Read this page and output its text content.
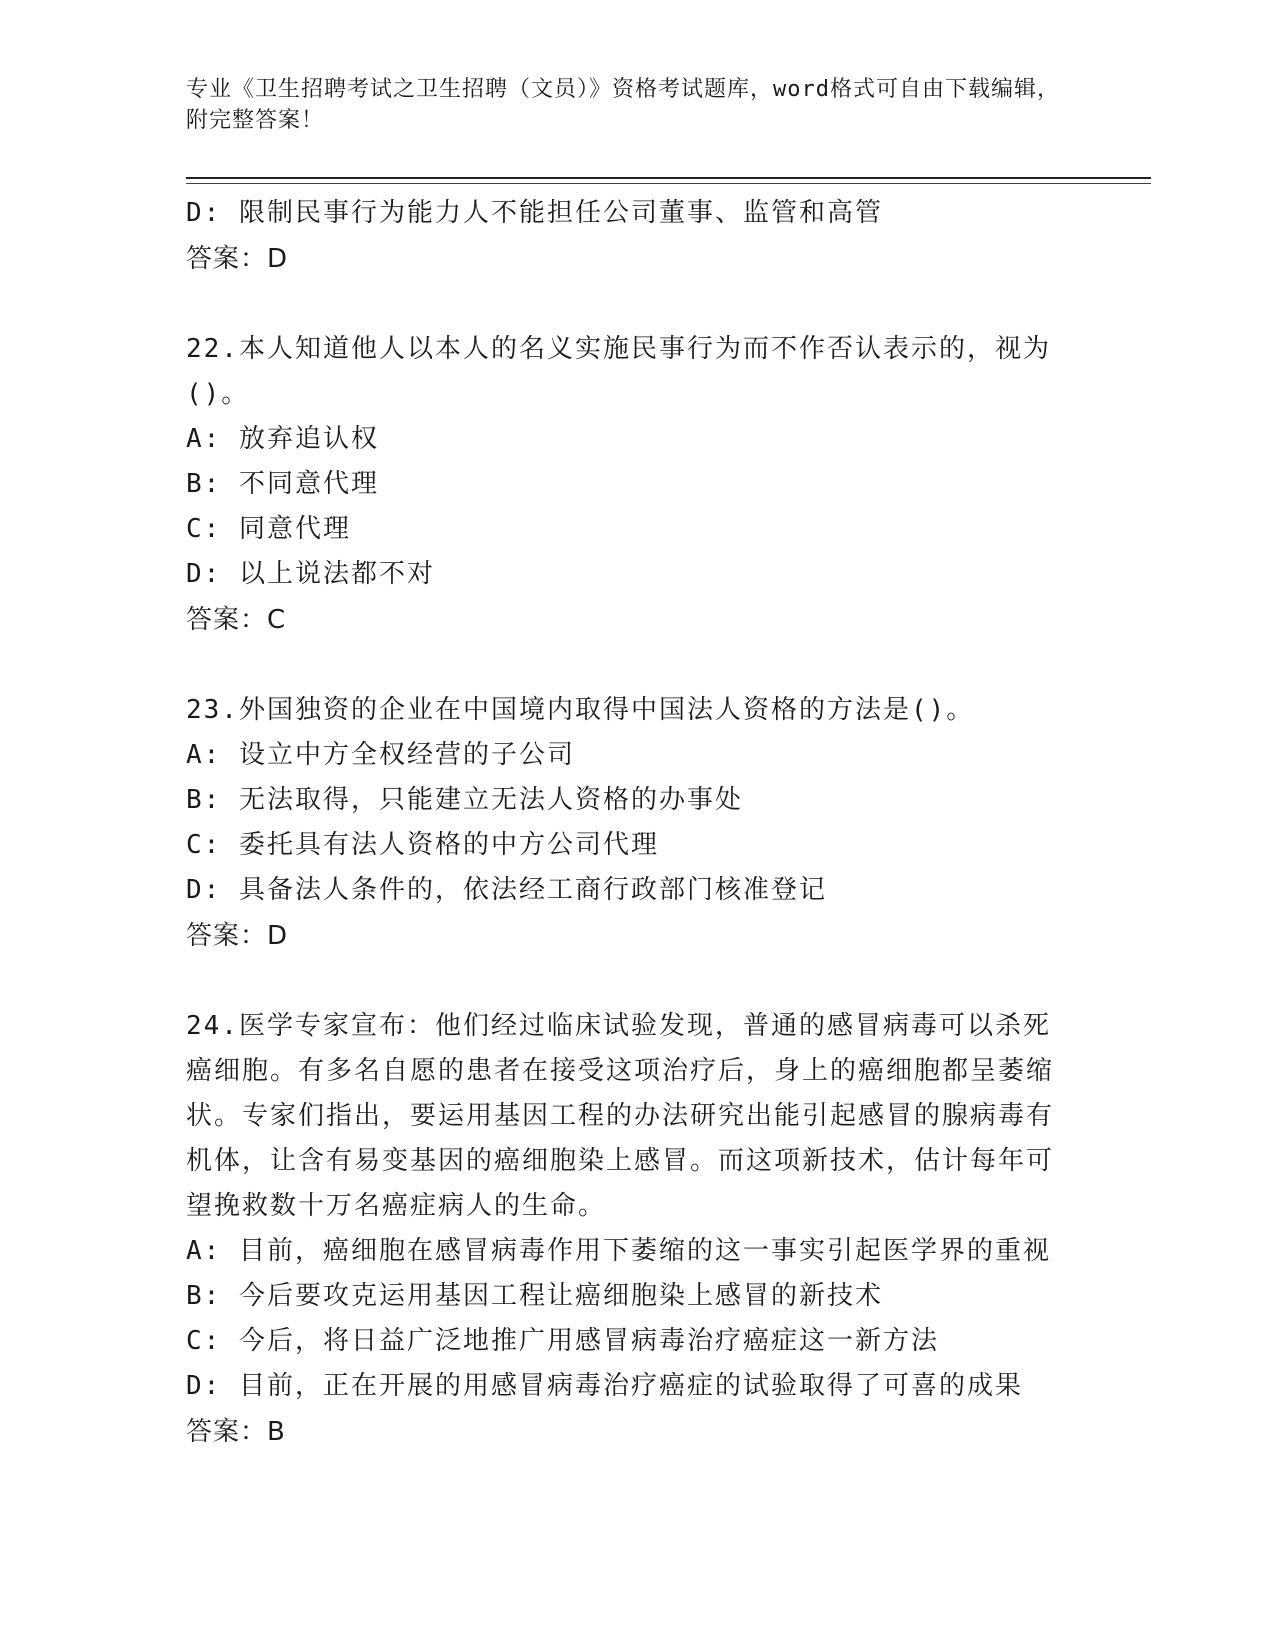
专业《卫生招聘考试之卫生招聘（文员）》资格考试题库，word格式可自由下载编辑，附完整答案！
D: 限制民事行为能力人不能担任公司董事、监管和高管
答案：D
22.本人知道他人以本人的名义实施民事行为而不作否认表示的，视为()。
A: 放弃追认权
B: 不同意代理
C: 同意代理
D: 以上说法都不对
答案：C
23.外国独资的企业在中国境内取得中国法人资格的方法是()。
A: 设立中方全权经营的子公司
B: 无法取得，只能建立无法人资格的办事处
C: 委托具有法人资格的中方公司代理
D: 具备法人条件的，依法经工商行政部门核准登记
答案：D
24.医学专家宣布：他们经过临床试验发现，普通的感冒病毒可以杀死癌细胞。有多名自愿的患者在接受这项治疗后，身上的癌细胞都呈萎缩状。专家们指出，要运用基因工程的办法研究出能引起感冒的腺病毒有机体，让含有易变基因的癌细胞染上感冒。而这项新技术，估计每年可望挽救数十万名癌症病人的生命。
A: 目前，癌细胞在感冒病毒作用下萎缩的这一事实引起医学界的重视
B: 今后要攻克运用基因工程让癌细胞染上感冒的新技术
C: 今后，将日益广泛地推广用感冒病毒治疗癌症这一新方法
D: 目前，正在开展的用感冒病毒治疗癌症的试验取得了可喜的成果
答案：B
